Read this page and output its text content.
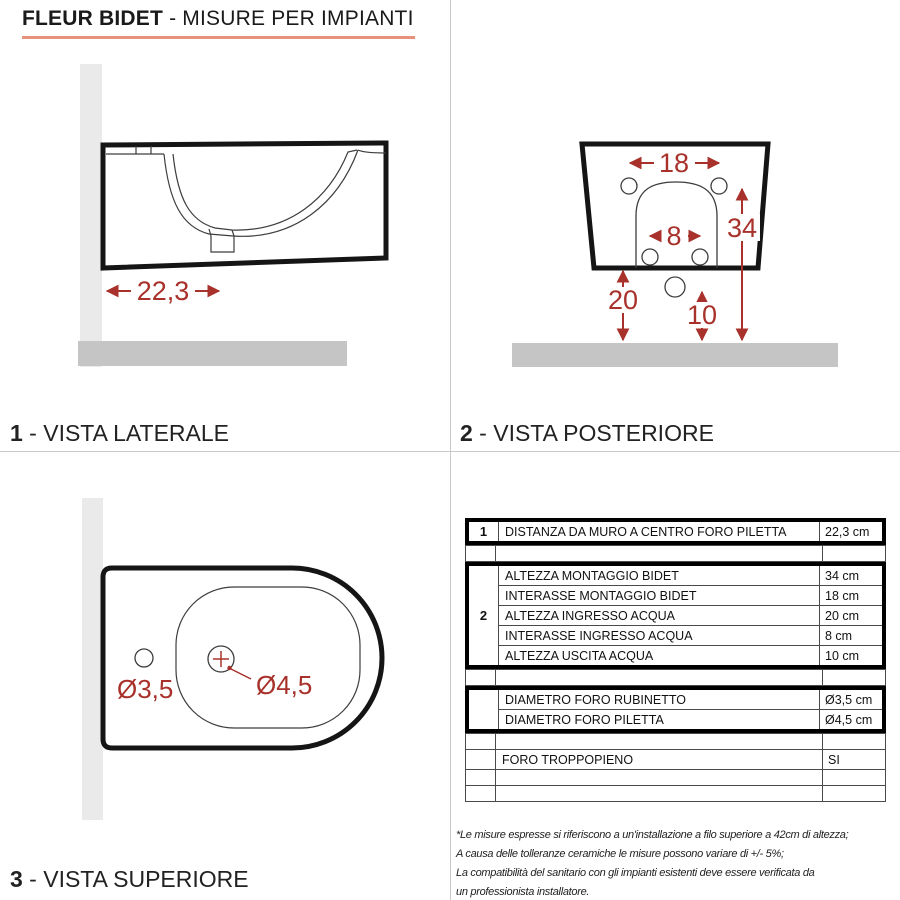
FLEUR BIDET - MISURE PER IMPIANTI
22,3
18
8 34
20 10
Ø3,5	Ø4,5
1 - VISTA LATERALE	2 - VISTA POSTERIORE
3 - VISTA SUPERIORE
1	DISTANZA DA MURO A CENTRO FORO PILETTA	22,3 cm
2
ALTEZZA MONTAGGIO BIDET	34 cm
INTERASSE MONTAGGIO BIDET	18 cm
ALTEZZA INGRESSO ACQUA	20 cm
INTERASSE INGRESSO ACQUA	8 cm
ALTEZZA USCITA ACQUA	10 cm
DIAMETRO FORO RUBINETTO	Ø3,5 cm
DIAMETRO FORO PILETTA	Ø4,5 cm
FORO TROPPOPIENO	SI
*Le misure espresse si riferiscono a un'installazione a filo superiore a 42cm di altezza;
A causa delle tolleranze ceramiche le misure possono variare di +/- 5%;
La compatibilità del sanitario con gli impianti esistenti deve essere verificata da
un professionista installatore.
